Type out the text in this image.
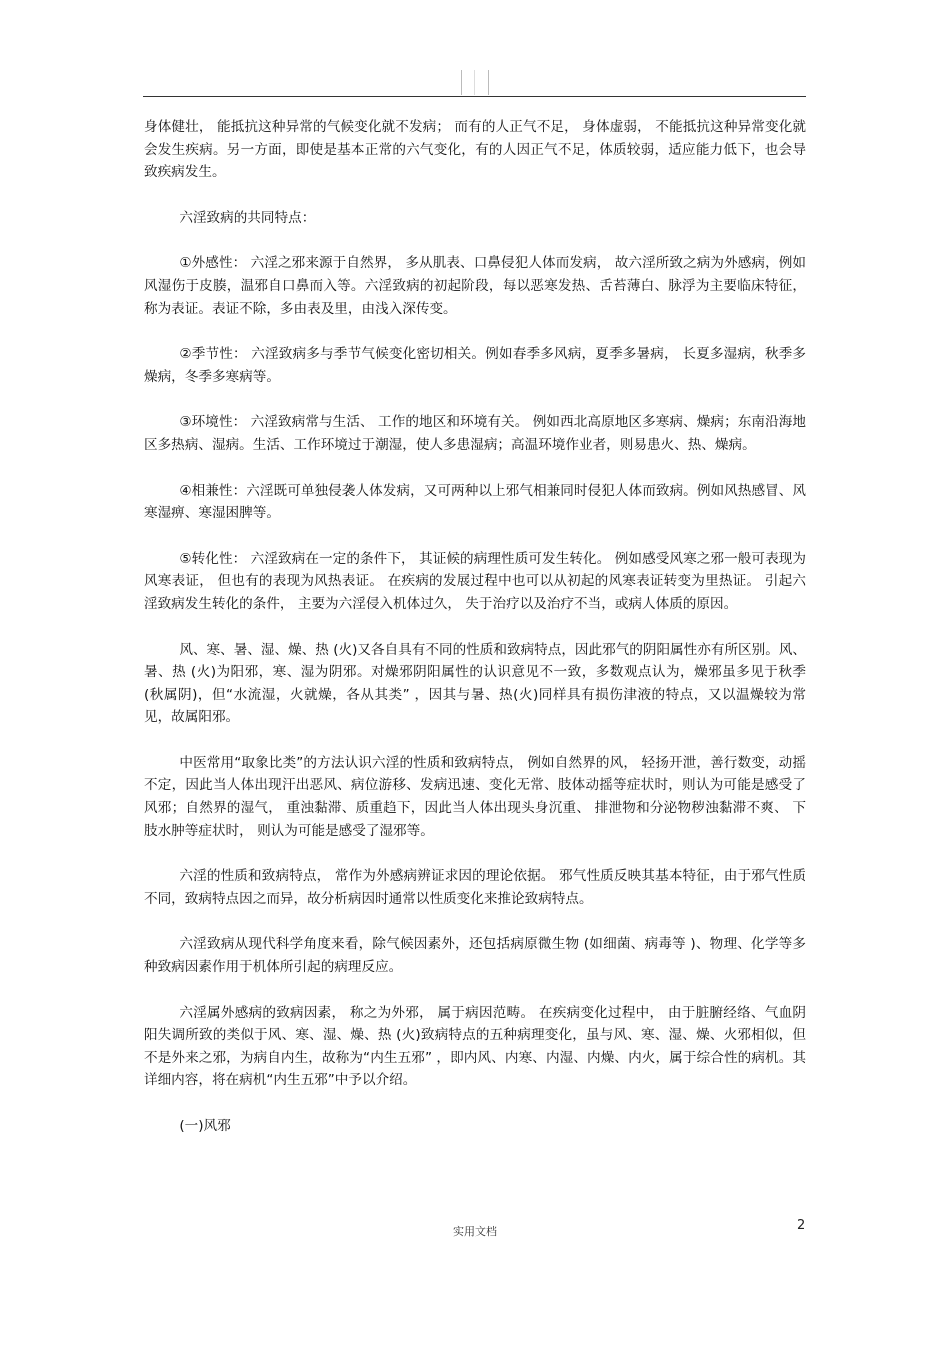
身体健壮， 能抵抗这种异常的气候变化就不发病； 而有的人正气不足， 身体虚弱， 不能抵抗这种异常变化就会发生疾病。另一方面，即使是基本正常的六气变化，有的人因正气不足，体质较弱，适应能力低下，也会导致疾病发生。

六淫致病的共同特点：

①外感性： 六淫之邪来源于自然界， 多从肌表、口鼻侵犯人体而发病， 故六淫所致之病为外感病，例如风湿伤于皮腠，温邪自口鼻而入等。六淫致病的初起阶段，每以恶寒发热、舌苔薄白、脉浮为主要临床特征，称为表证。表证不除，多由表及里，由浅入深传变。

②季节性： 六淫致病多与季节气候变化密切相关。例如春季多风病，夏季多暑病， 长夏多湿病，秋季多燥病，冬季多寒病等。

③环境性： 六淫致病常与生活、 工作的地区和环境有关。 例如西北高原地区多寒病、燥病；东南沿海地区多热病、湿病。生活、工作环境过于潮湿，使人多患湿病；高温环境作业者，则易患火、热、燥病。

④相兼性：六淫既可单独侵袭人体发病，又可两种以上邪气相兼同时侵犯人体而致病。例如风热感冒、风寒湿痹、寒湿困脾等。

⑤转化性： 六淫致病在一定的条件下， 其证候的病理性质可发生转化。 例如感受风寒之邪一般可表现为风寒表证， 但也有的表现为风热表证。 在疾病的发展过程中也可以从初起的风寒表证转变为里热证。 引起六淫致病发生转化的条件， 主要为六淫侵入机体过久， 失于治疗以及治疗不当，或病人体质的原因。

风、寒、暑、湿、燥、热 (火)又各自具有不同的性质和致病特点，因此邪气的阴阳属性亦有所区别。风、暑、热 (火)为阳邪，寒、湿为阴邪。对燥邪阴阳属性的认识意见不一致，多数观点认为，燥邪虽多见于秋季 (秋属阴)，但“水流湿，火就燥，各从其类” ，因其与暑、热(火)同样具有损伤津液的特点，又以温燥较为常见，故属阳邪。

中医常用“取象比类”的方法认识六淫的性质和致病特点， 例如自然界的风， 轻扬开泄，善行数变，动摇不定，因此当人体出现汗出恶风、病位游移、发病迅速、变化无常、肢体动摇等症状时，则认为可能是感受了风邪；自然界的湿气， 重浊黏滞、质重趋下，因此当人体出现头身沉重、 排泄物和分泌物秽浊黏滞不爽、 下肢水肿等症状时， 则认为可能是感受了湿邪等。

六淫的性质和致病特点， 常作为外感病辨证求因的理论依据。 邪气性质反映其基本特征，由于邪气性质不同，致病特点因之而异，故分析病因时通常以性质变化来推论致病特点。

六淫致病从现代科学角度来看，除气候因素外，还包括病原微生物 (如细菌、病毒等 )、物理、化学等多种致病因素作用于机体所引起的病理反应。

六淫属外感病的致病因素， 称之为外邪， 属于病因范畴。 在疾病变化过程中， 由于脏腑经络、气血阴阳失调所致的类似于风、寒、湿、燥、热 (火)致病特点的五种病理变化，虽与风、寒、湿、燥、火邪相似，但不是外来之邪，为病自内生，故称为“内生五邪” ，即内风、内寒、内湿、内燥、内火，属于综合性的病机。其详细内容，将在病机“内生五邪”中予以介绍。

(一)风邪

实用文档	2
